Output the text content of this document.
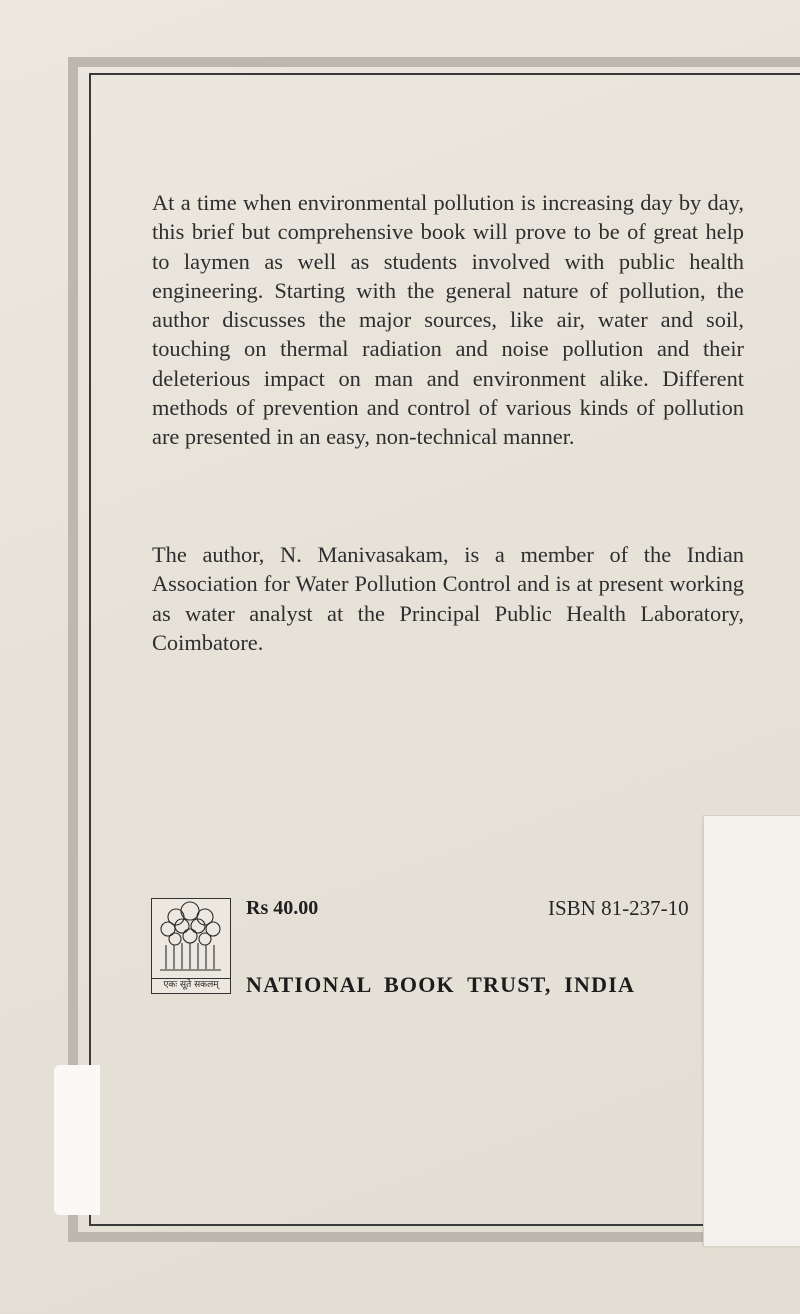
At a time when environmental pollution is increasing day by day, this brief but comprehensive book will prove to be of great help to laymen as well as students involved with public health engineering. Starting with the general nature of pollution, the author discusses the major sources, like air, water and soil, touching on thermal radiation and noise pollution and their deleterious impact on man and environment alike. Different methods of prevention and control of various kinds of pollution are presented in an easy, non-technical manner.

The author, N. Manivasakam, is a member of the Indian Association for Water Pollution Control and is at present working as water analyst at the Principal Public Health Laboratory, Coimbatore.

एकः सूते सकलम्
Rs 40.00	ISBN 81-237-10
NATIONAL BOOK TRUST, INDIA
